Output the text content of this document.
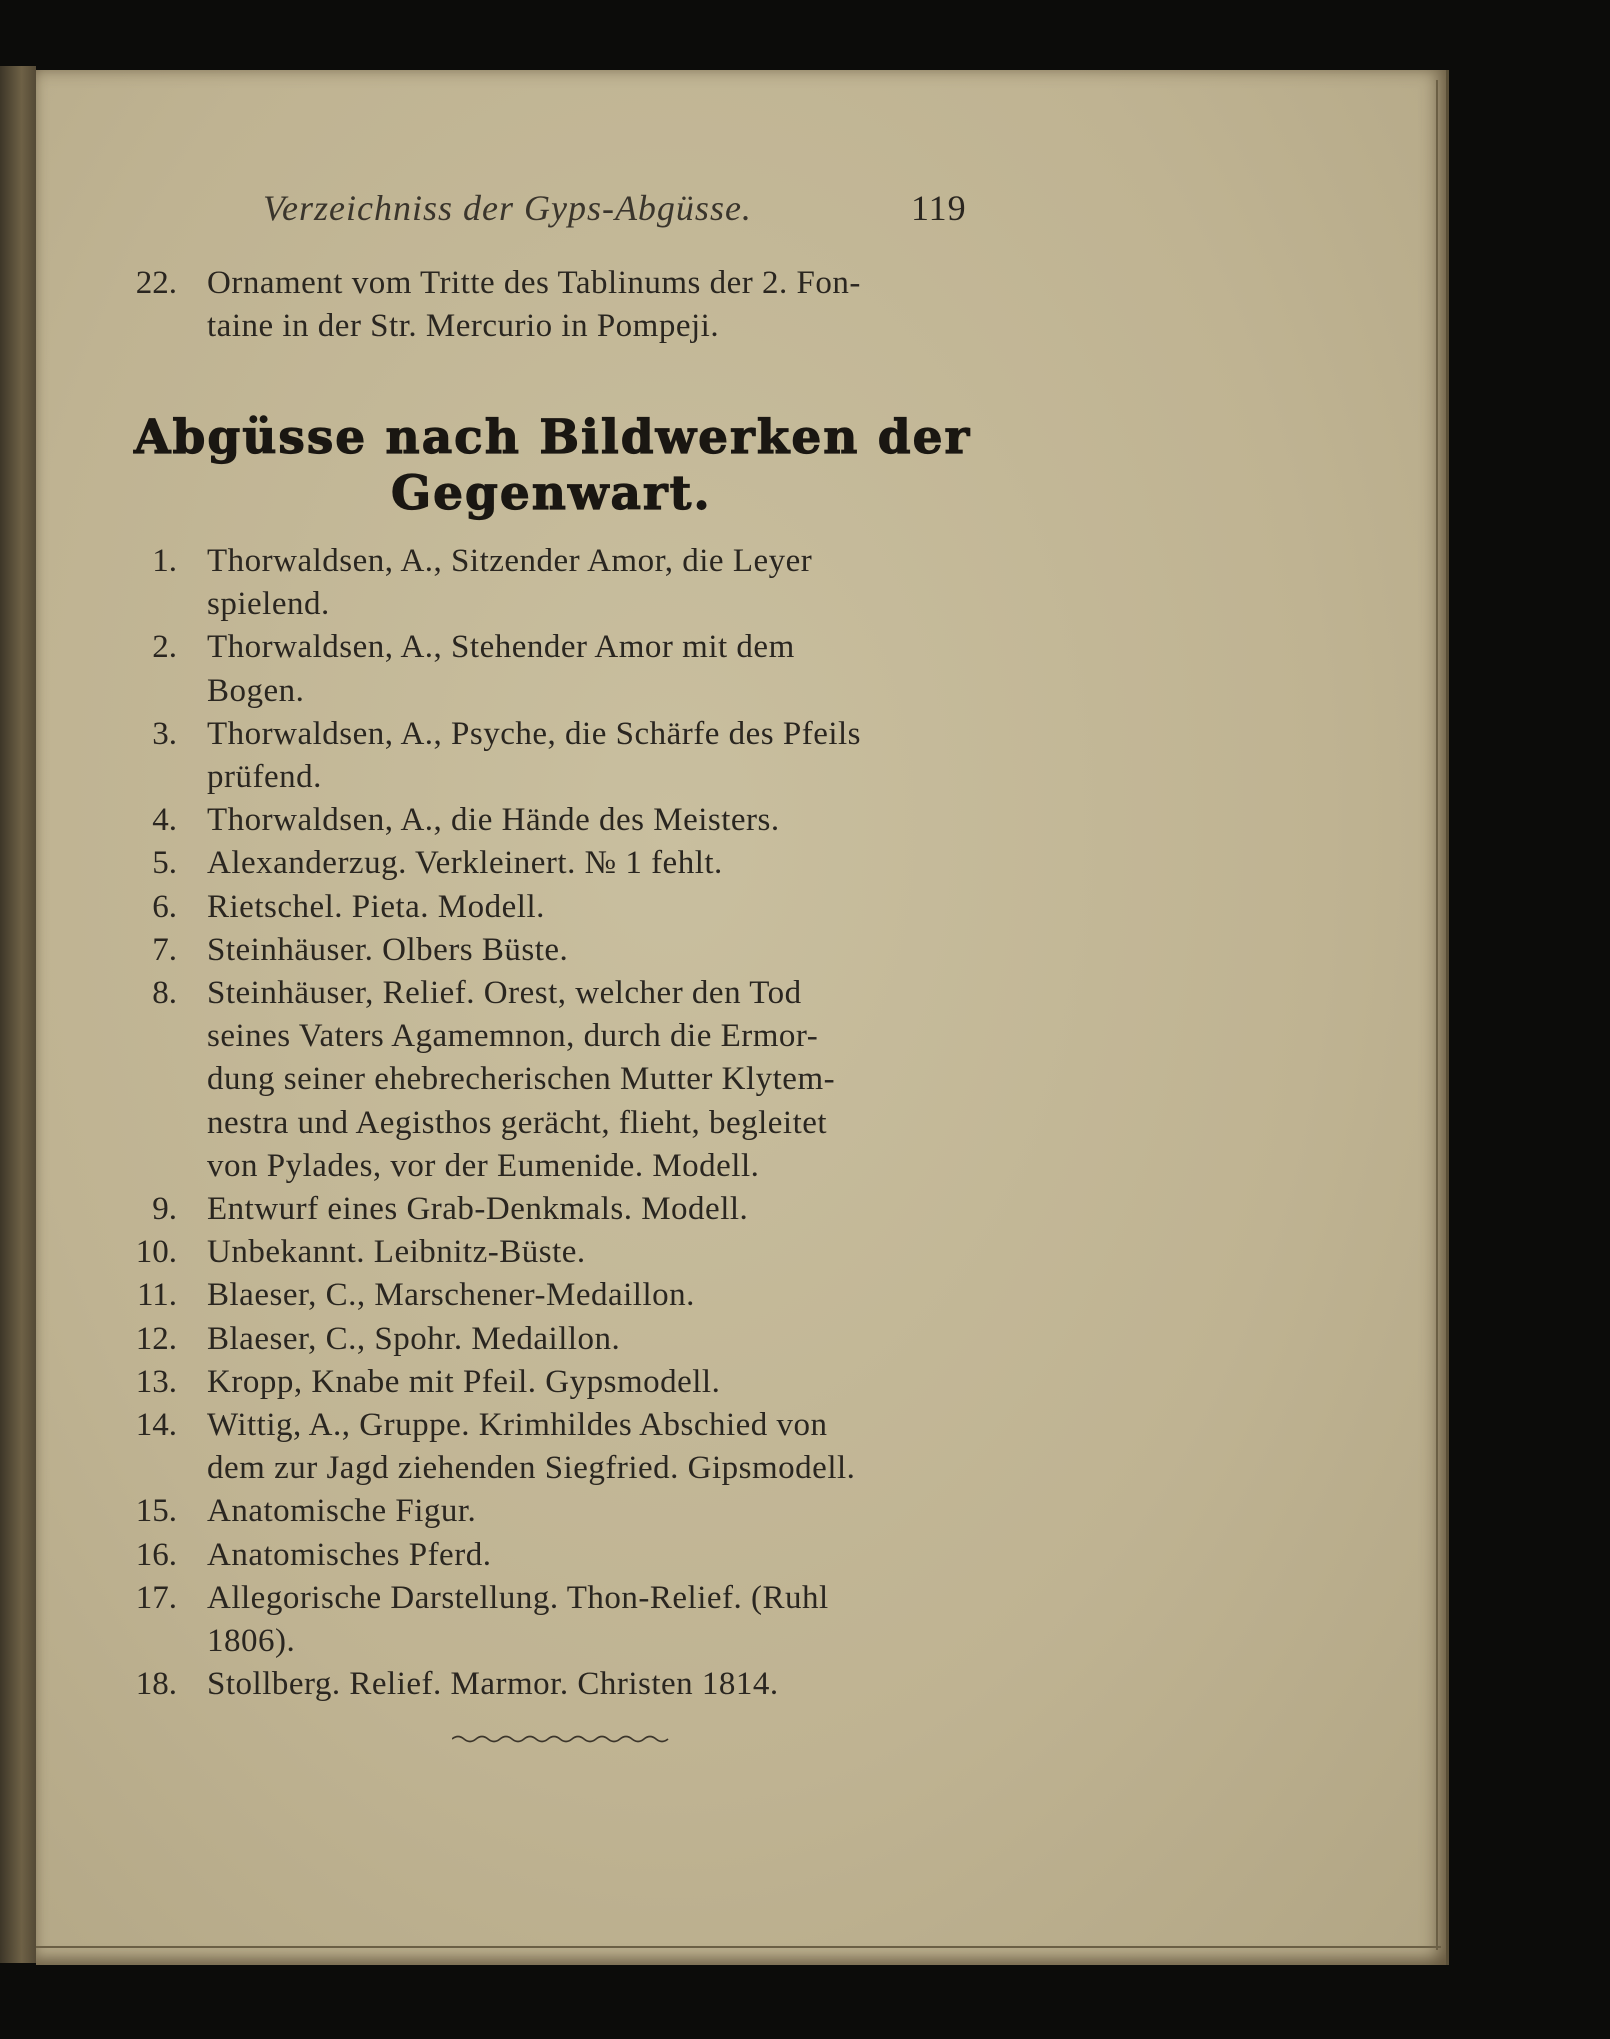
Verzeichniss der Gyps-Abgüsse.	119
22. Ornament vom Tritte des Tablinums der 2. Fon-
taine in der Str. Mercurio in Pompeji.
Abgüsse nach Bildwerken der
Gegenwart.
1. Thorwaldsen, A., Sitzender Amor, die Leyer
spielend.
2. Thorwaldsen, A., Stehender Amor mit dem
Bogen.
3. Thorwaldsen, A., Psyche, die Schärfe des Pfeils
prüfend.
4. Thorwaldsen, A., die Hände des Meisters.
5. Alexanderzug. Verkleinert. № 1 fehlt.
6. Rietschel. Pieta. Modell.
7. Steinhäuser. Olbers Büste.
8. Steinhäuser, Relief. Orest, welcher den Tod
seines Vaters Agamemnon, durch die Ermor-
dung seiner ehebrecherischen Mutter Klytem-
nestra und Aegisthos gerächt, flieht, begleitet
von Pylades, vor der Eumenide. Modell.
9. Entwurf eines Grab-Denkmals. Modell.
10. Unbekannt. Leibnitz-Büste.
11. Blaeser, C., Marschener-Medaillon.
12. Blaeser, C., Spohr. Medaillon.
13. Kropp, Knabe mit Pfeil. Gypsmodell.
14. Wittig, A., Gruppe. Krimhildes Abschied von
dem zur Jagd ziehenden Siegfried. Gipsmodell.
15. Anatomische Figur.
16. Anatomisches Pferd.
17. Allegorische Darstellung. Thon-Relief. (Ruhl
1806).
18. Stollberg. Relief. Marmor. Christen 1814.
